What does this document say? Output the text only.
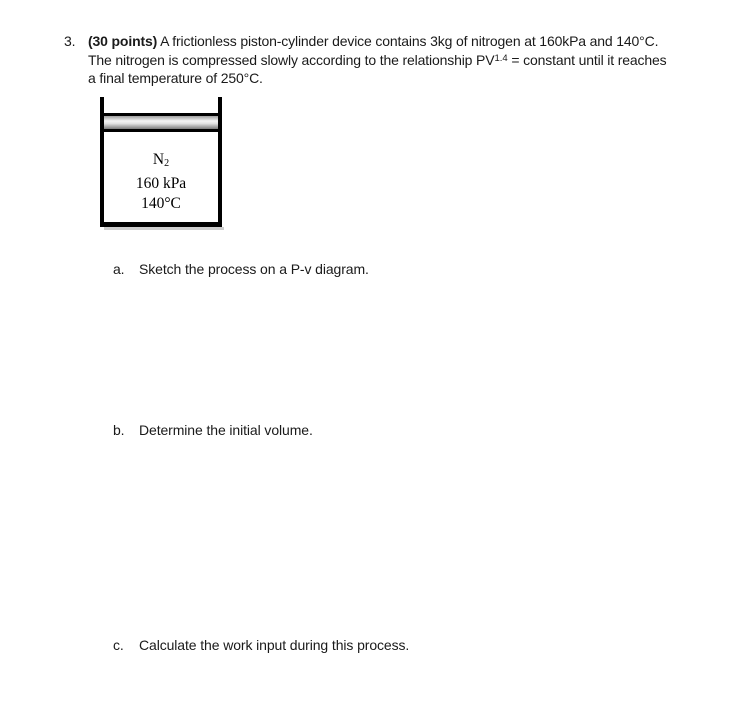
3. (30 points) A frictionless piston-cylinder device contains 3kg of nitrogen at 160kPa and 140°C.
The nitrogen is compressed slowly according to the relationship $PV^{1.4}$ = constant until it reaches
a final temperature of 250°C.
$N_2$
160 kPa
140°C
a.	Sketch the process on a P-v diagram.
b.	Determine the initial volume.
c.	Calculate the work input during this process.
